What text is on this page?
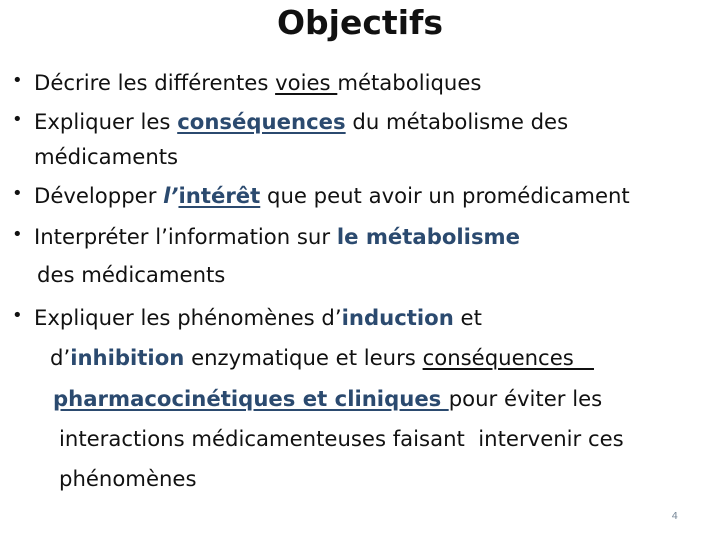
Objectifs
• Décrire les différentes voies métaboliques
• Expliquer les conséquences du métabolisme des
médicaments
• Développer l’intérêt que peut avoir un promédicament
• Interpréter l’information sur le métabolisme
des médicaments
• Expliquer les phénomènes d’induction et
d’inhibition enzymatique et leurs conséquences
pharmacocinétiques et cliniques pour éviter les
interactions médicamenteuses faisant  intervenir ces
phénomènes
4
